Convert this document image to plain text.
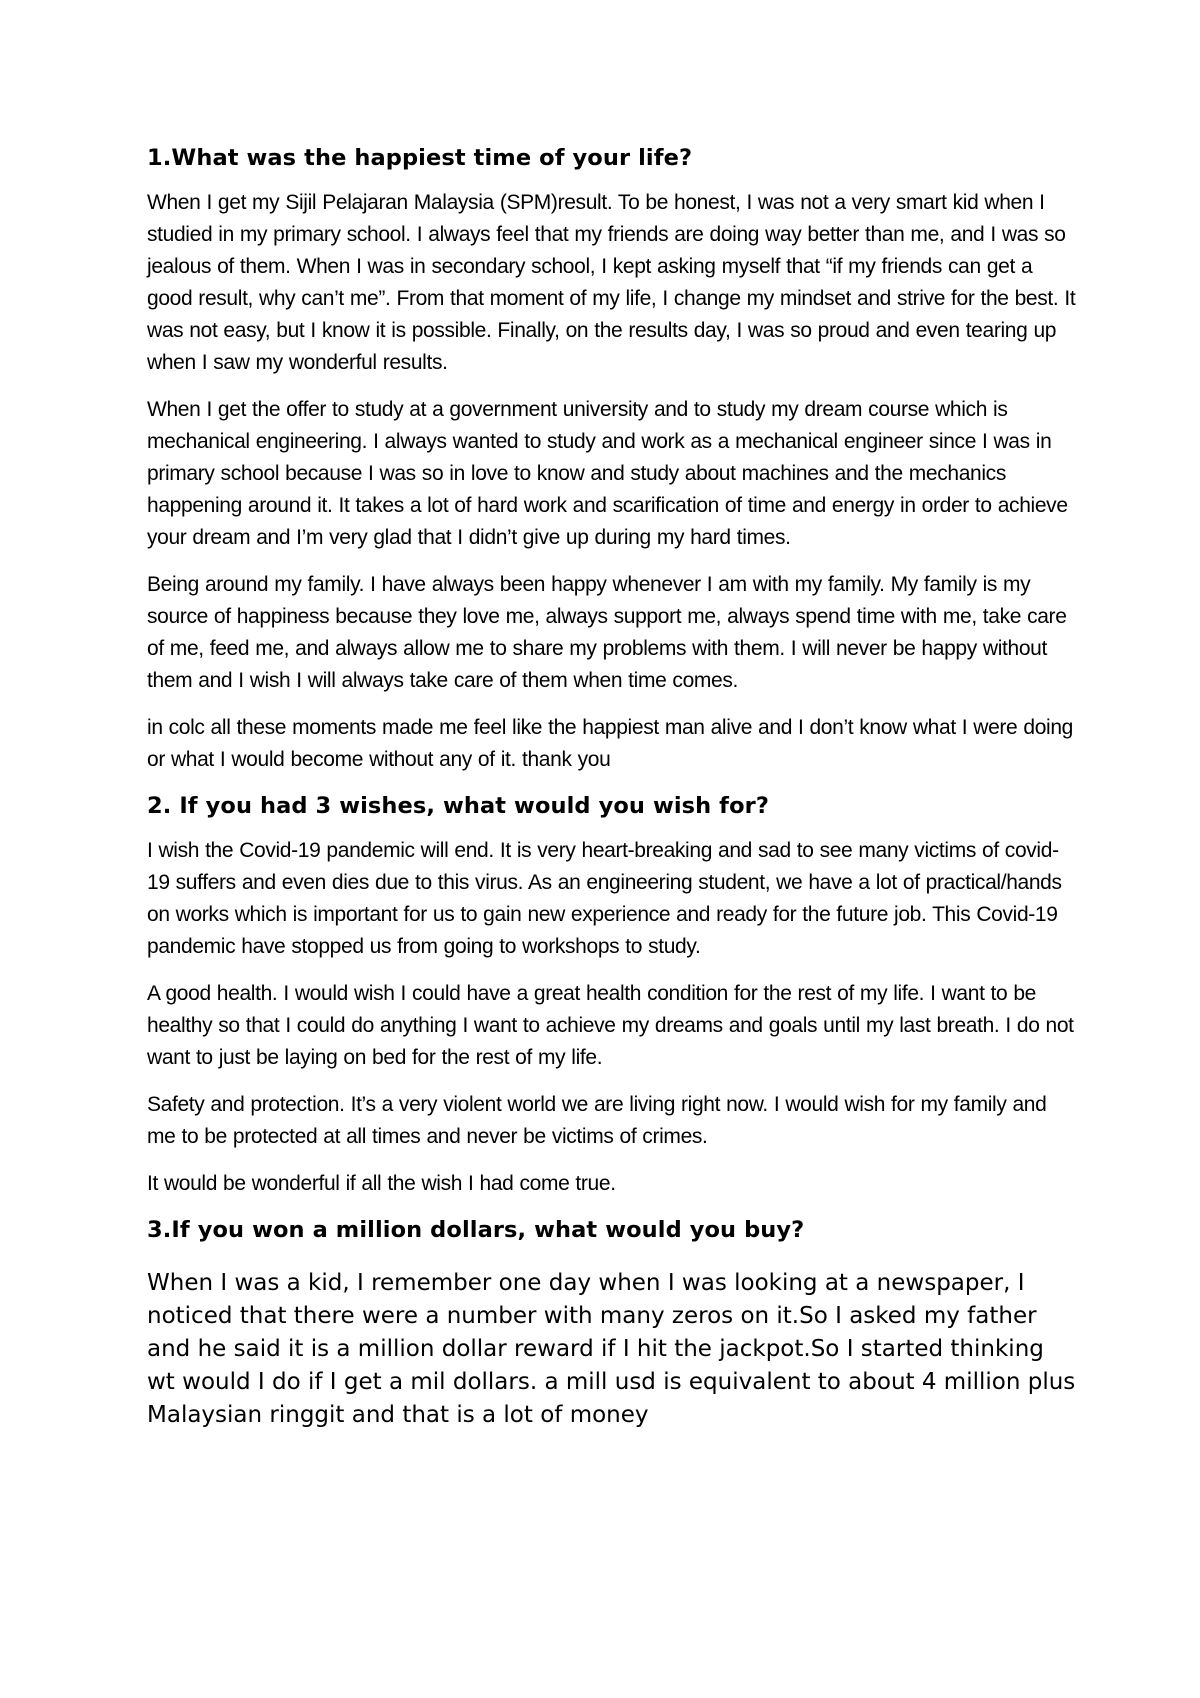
1.What was the happiest time of your life?

When I get my Sijil Pelajaran Malaysia (SPM)result. To be honest, I was not a very smart kid when I studied in my primary school. I always feel that my friends are doing way better than me, and I was so jealous of them. When I was in secondary school, I kept asking myself that “if my friends can get a good result, why can’t me”. From that moment of my life, I change my mindset and strive for the best. It was not easy, but I know it is possible. Finally, on the results day, I was so proud and even tearing up when I saw my wonderful results.

When I get the offer to study at a government university and to study my dream course which is mechanical engineering. I always wanted to study and work as a mechanical engineer since I was in primary school because I was so in love to know and study about machines and the mechanics happening around it. It takes a lot of hard work and scarification of time and energy in order to achieve your dream and I’m very glad that I didn’t give up during my hard times.

Being around my family. I have always been happy whenever I am with my family. My family is my source of happiness because they love me, always support me, always spend time with me, take care of me, feed me, and always allow me to share my problems with them. I will never be happy without them and I wish I will always take care of them when time comes.

in colc all these moments made me feel like the happiest man alive and I don’t know what I were doing or what I would become without any of it. thank you

2. If you had 3 wishes, what would you wish for?

I wish the Covid-19 pandemic will end. It is very heart-breaking and sad to see many victims of covid-19 suffers and even dies due to this virus. As an engineering student, we have a lot of practical/hands on works which is important for us to gain new experience and ready for the future job. This Covid-19 pandemic have stopped us from going to workshops to study.

A good health. I would wish I could have a great health condition for the rest of my life. I want to be healthy so that I could do anything I want to achieve my dreams and goals until my last breath. I do not want to just be laying on bed for the rest of my life.

Safety and protection. It’s a very violent world we are living right now. I would wish for my family and me to be protected at all times and never be victims of crimes.

It would be wonderful if all the wish I had come true.

3.If you won a million dollars, what would you buy?

When I was a kid, I remember one day when I was looking at a newspaper, I noticed that there were a number with many zeros on it.So I asked my father and he said it is a million dollar reward if I hit the jackpot.So I started thinking wt would I do if I get a mil dollars. a mill usd is equivalent to about 4 million plus Malaysian ringgit and that is a lot of money
